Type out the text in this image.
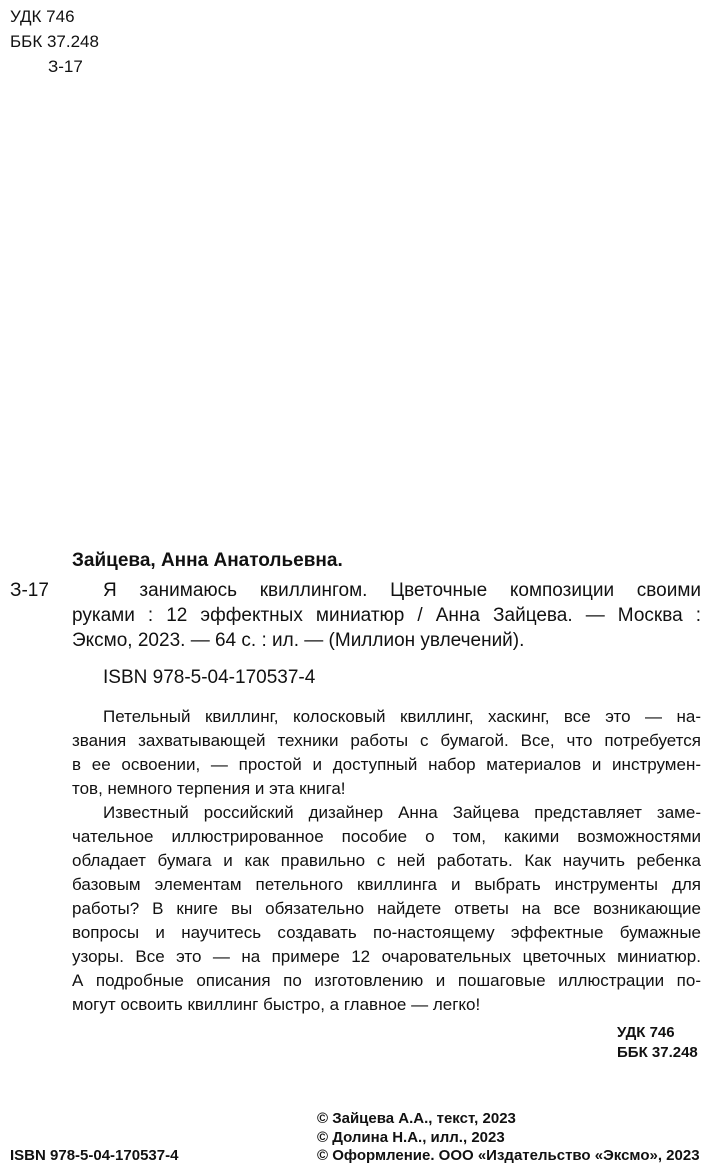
УДК 746
ББК 37.248
З-17
Зайцева, Анна Анатольевна.
З-17	Я занимаюсь квиллингом. Цветочные композиции своими
руками : 12 эффектных миниатюр / Анна Зайцева. — Москва :
Эксмо, 2023. — 64 с. : ил. — (Миллион увлечений).
ISBN 978-5-04-170537-4
Петельный квиллинг, колосковый квиллинг, хаскинг, все это — на-
звания захватывающей техники работы с бумагой. Все, что потребуется
в ее освоении, — простой и доступный набор материалов и инструмен-
тов, немного терпения и эта книга!
Известный российский дизайнер Анна Зайцева представляет заме-
чательное иллюстрированное пособие о том, какими возможностями
обладает бумага и как правильно с ней работать. Как научить ребенка
базовым элементам петельного квиллинга и выбрать инструменты для
работы? В книге вы обязательно найдете ответы на все возникающие
вопросы и научитесь создавать по-настоящему эффектные бумажные
узоры. Все это — на примере 12 очаровательных цветочных миниатюр.
А подробные описания по изготовлению и пошаговые иллюстрации по-
могут освоить квиллинг быстро, а главное — легко!
УДК 746
ББК 37.248
ISBN 978-5-04-170537-4
© Зайцева А.А., текст, 2023
© Долина Н.А., илл., 2023
© Оформление. ООО «Издательство «Эксмо», 2023
